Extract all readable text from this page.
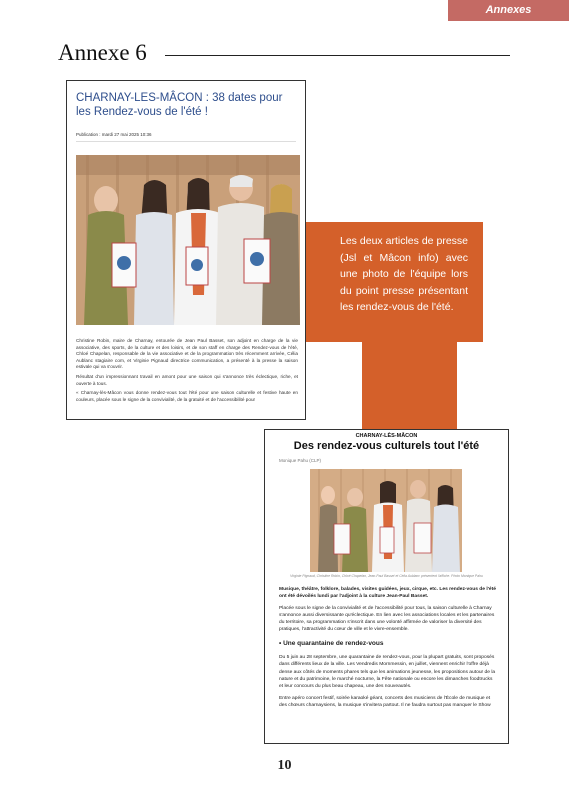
Annexes
Annexe 6
Les deux articles de presse (Jsl et Mâcon info) avec une photo de l'équipe lors du point presse présentant les rendez-vous de l'été.
CHARNAY-LES-MÂCON : 38 dates pour les Rendez-vous de l'été !
Publication : mardi 27 mai 2025 10:36

Christine Robin, maire de Charnay, entourée de Jean Paul Basset, son adjoint en charge de la vie associative, des sports, de la culture et des loisirs, et de son staff en charge des Rendez-vous de l'été, Chloé Chapelan, responsable de la vie associative et de la programmation très récemment arrivée, Célia Aublanc stagiaire com, et Virginie Pignaud directrice communication, a présenté à la presse la saison estivale qui va s'ouvrir.

Résultat d'un impressionnant travail en amont pour une saison qui s'annonce très éclectique, riche, et ouverte à tous.

« Charnay-lès-Mâcon vous donne rendez-vous tout l'été pour une saison culturelle et festive haute en couleurs, placée sous le signe de la convivialité, de la gratuité et de l'accessibilité pour

CHARNAY-LÈS-MÂCON
Des rendez-vous culturels tout l'été
Monique Pahu (CLP)
Virginie Pignaud, Christine Robin, Chloé Chapelan, Jean-Paul Basset et Célia Aublanc présentent l'affiche. Photo Monique Pahu

Musique, théâtre, folklore, balades, visites guidées, jeux, cirque, etc. Les rendez-vous de l'été ont été dévoilés lundi par l'adjoint à la culture Jean-Paul Basset.

Placée sous le signe de la convivialité et de l'accessibilité pour tous, la saison culturelle à Charnay s'annonce aussi diversissante qu'éclectique. En lien avec les associations locales et les partenaires du territoire, sa programmation s'inscrit dans une volonté affirmée de valoriser la diversité des pratiques, l'attractivité du cœur de ville et le vivre-ensemble.

• Une quarantaine de rendez-vous

Du 5 juin au 28 septembre, une quarantaine de rendez-vous, pour la plupart gratuits, sont proposés dans différents lieux de la ville. Les Vendredis Mornmessin, en juillet, viennent enrichir l'offre déjà dense aux côtés de moments phares tels que les animations jeunesse, les propositions autour de la nature et du patrimoine, le marché nocturne, la Fête nationale ou encore les dimanches foodtrucks et leur concours du plus beau chapeau, une des nouveautés.

Entre apéro concert festif, soirée karaoké géant, concerts des musiciens de l'École de musique et des chœurs charnaysiens, la musique s'invitera partout. Il ne faudra surtout pas manquer le Show

10
